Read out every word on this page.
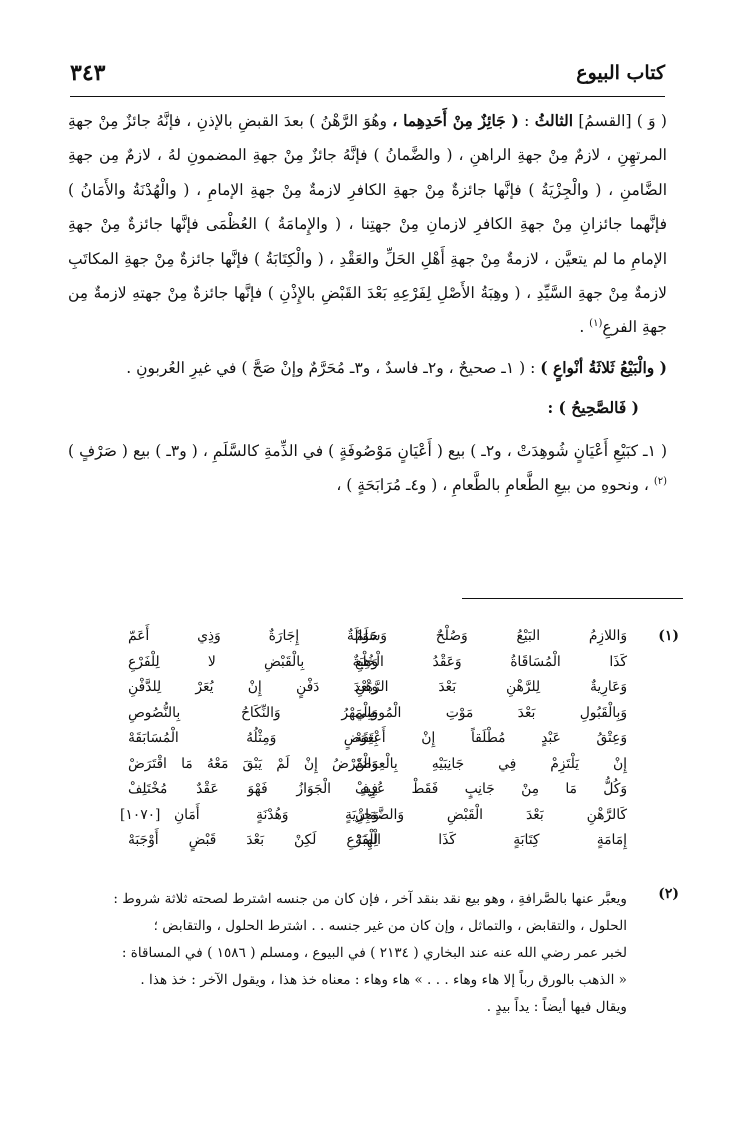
كتاب البيوع
٣٤٣

( وَ ) [القسمُ] الثالثُ : ( جَائِزٌ مِنْ أَحَدِهِما ، وهُوَ الرَّهْنُ ) بعدَ القبضِ بالإذنِ ، فإنَّهُ جائزٌ مِنْ جهةِ المرتهِنِ ، لازمٌ مِنْ جهةِ الراهنِ ، ( والضَّمانُ ) فإنَّهُ جائزٌ مِنْ جهةِ المضمونِ لهُ ، لازمٌ مِن جهةِ الضَّامنِ ، ( والْجِزْيَةُ ) فإنَّها جائزةٌ مِنْ جهةِ الكافرِ لازمةٌ مِنْ جهةِ الإمامِ ، ( والْهُدْنَةُ والأَمَانُ ) فإنَّهما جائزانِ مِنْ جهةِ الكافرِ لازمانِ مِنْ جهتِنا ، ( والإِمامَةُ ) العُظْمَى فإنَّها جائزةٌ مِنْ جهةِ الإمامِ ما لم يتعيَّن ، لازمةٌ مِنْ جهةِ أَهْلِ الحَلِّ والعَقْدِ ، ( والْكِتَابَةُ ) فإنَّها جائزةٌ مِنْ جهةِ المكاتَبِ لازمةٌ مِنْ جهةِ السَّيِّدِ ، ( وهِبَةُ الأَصْلِ لِفَرْعِهِ بَعْدَ القَبْضِ بالإِذْنِ ) فإنَّها جائزةٌ مِنْ جهتهِ لازمةٌ مِن جهةِ الفرعِ$^{(١)}$ .

( والْبَيْعُ ثَلاثَةُ أنْواعٍ ) : ( ١ـ صحيحٌ ، و٢ـ فاسدٌ ، و٣ـ مُحَرَّمٌ وإنْ صَحَّ ) في غيرِ العُربونِ .

( فَالصَّحِيحُ ) :

( ١ـ كبَيْعِ أَعْيَانٍ شُوهِدَتْ ، و٢ـ ) بيع ( أَعْيَانٍ مَوْصُوفَةٍ ) في الذِّمةِ كالسَّلَمِ ، ( و٣ـ ) بيع ( صَرْفٍ )$^{(٢)}$ ، ونحوهِ من بيعِ الطَّعامِ بالطَّعامِ ، ( و٤ـ مُرَابَحَةٍ ) ،

(١)
وَاللازِمُ البَيْعُ وَصُلْحٌ وَسَلَمْ
حَوَالَةٌ إِجَارَةٌ وَذِي أَعَمّ
كَذَا الْمُسَاقَاةُ وَعَقْدُ الْخُلْعِ
وَهِبَةٌ بِالْقَبْضِ لا لِلْفَرْعِ
وَعَارِيةٌ لِلرَّهْنِ بَعْدَ الرَّهْنِ
وبَعْدَ دَفْنٍ إِنْ يُعَرْ لِلدَّفْنِ
وَبِالْقَبُولِ بَعْدَ مَوْتِ الْمُوصِي
وَالْمَهْرُ وَالنِّكَاحُ بِالنُّصُوصِ
وَعِتْقُ عَبْدٍ مُطْلَقاً إِنْ أَعْتَقَهْ
بِعِوَضٍ وَمِثْلُهُ الْمُسَابَقَهْ
إِنْ يَلْتَزِمْ فِي جَانِبَيْهِ بِالْعِوَضْ
وَالْقَرْضُ إِنْ لَمْ يَبْقَ مَعْهُ مَا اقْتَرَضْ
وَكُلُّ مَا مِنْ جَانِبٍ فَقَطْ عُرِفْ
فِيهِ الْجَوَازُ فَهْوَ عَقْدٌ مُخْتَلِفْ
كَالرَّهْنِ بَعْدَ الْقَبْضِ وَالضَّمَانِ
وَجِزْيَةٍ وَهُدْنَةٍ أَمَانِ
[١٠٧٠]
إِمَامَةٍ كِتَابَةٍ كَذَا الْهِبَهْ
لِلْفَرْعِ لَكِنْ بَعْدَ قَبْضٍ أَوْجَبَهْ
(٢)

ويعبَّر عنها بالصَّرافةِ ، وهو بيع نقد بنقد آخر ، فإن كان من جنسه اشترط لصحته ثلاثة شروط :

الحلول ، والتقابض ، والتماثل ، وإن كان من غير جنسه . . اشترط الحلول ، والتقابض ؛

لخبر عمر رضي الله عنه عند البخاري ( ٢١٣٤ ) في البيوع ، ومسلم ( ١٥٨٦ ) في المساقاة :

« الذهب بالورق رباً إلا هاء وهاء . . . » هاء وهاء : معناه خذ هذا ، ويقول الآخر : خذ هذا .

ويقال فيها أيضاً : يداً بيدٍ .
